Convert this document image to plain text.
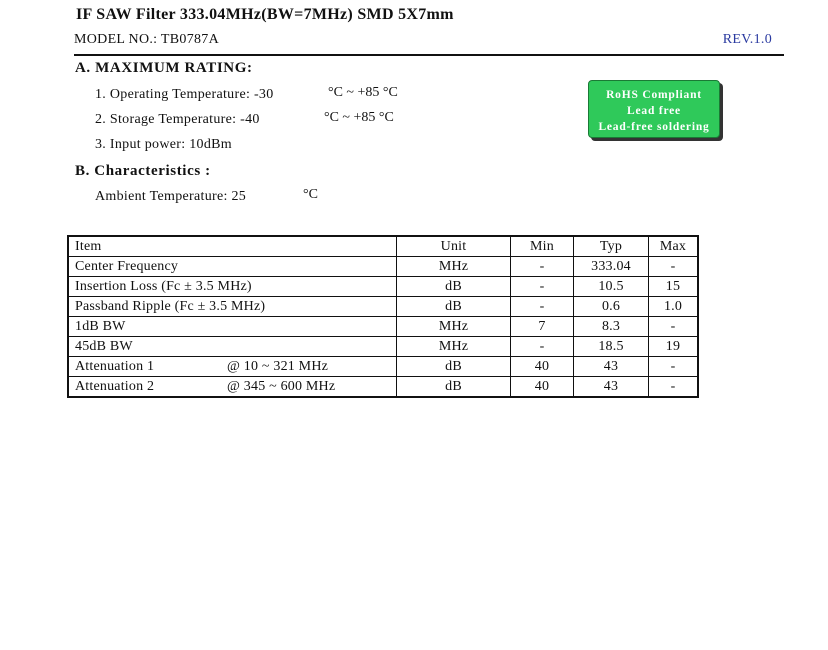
IF SAW Filter 333.04MHz(BW=7MHz) SMD 5X7mm
MODEL NO.: TB0787A	REV.1.0
A. MAXIMUM RATING:
1. Operating Temperature: -30	°C ~ +85 °C
2. Storage Temperature: -40	°C ~ +85 °C
3. Input power: 10dBm
RoHS Compliant
Lead free
Lead-free soldering
B. Characteristics :
Ambient Temperature: 25	°C
Item	Unit	Min	Typ	Max
Center Frequency	MHz	-	333.04	-
Insertion Loss (Fc ± 3.5 MHz)	dB	-	10.5	15
Passband Ripple (Fc ± 3.5 MHz)	dB	-	0.6	1.0
1dB BW	MHz	7	8.3	-
45dB BW	MHz	-	18.5	19

Attenuation 1 @ 10 ~ 321 MHz	dB	40	43	-

Attenuation 2 @ 345 ~ 600 MHz	dB	40	43	-
